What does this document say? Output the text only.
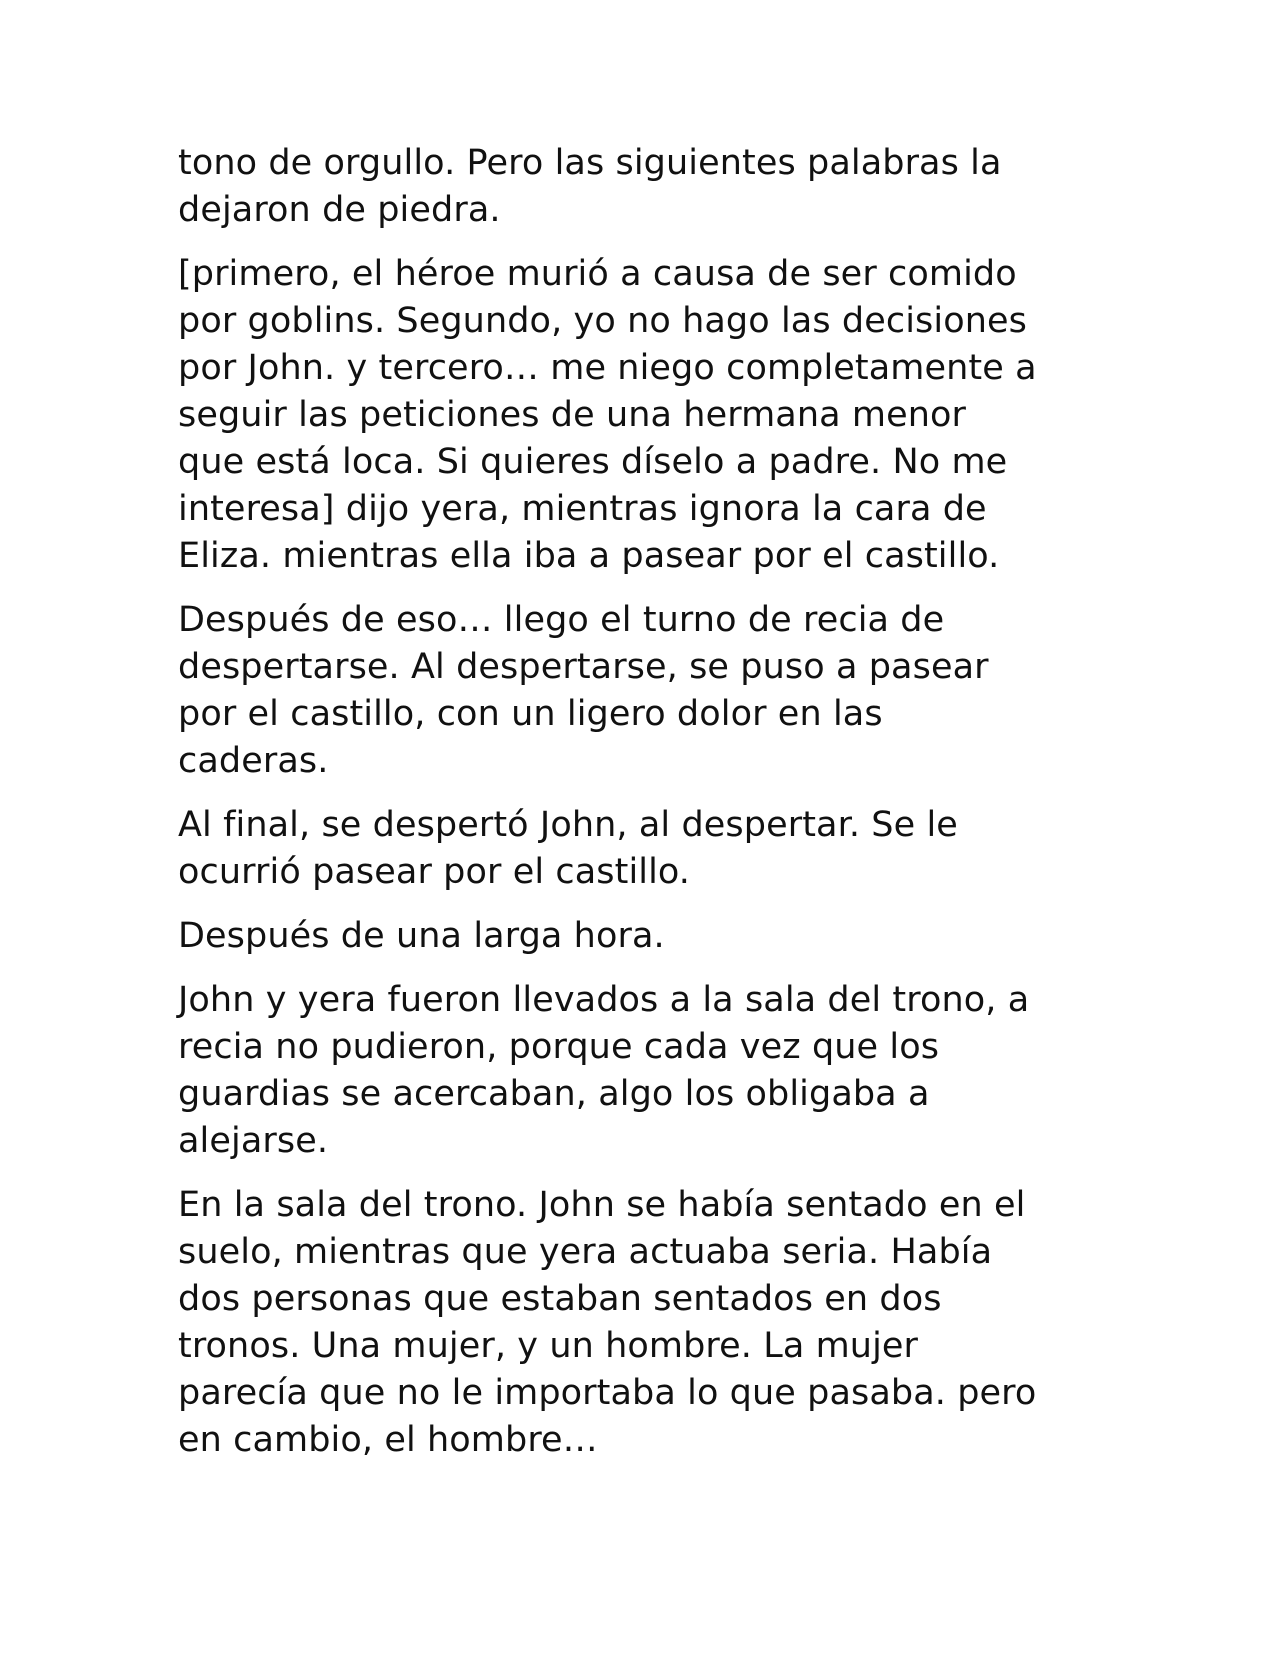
tono de orgullo. Pero las siguientes palabras la
dejaron de piedra.

[primero, el héroe murió a causa de ser comido
por goblins. Segundo, yo no hago las decisiones
por John. y tercero… me niego completamente a
seguir las peticiones de una hermana menor
que está loca. Si quieres díselo a padre. No me
interesa] dijo yera, mientras ignora la cara de
Eliza. mientras ella iba a pasear por el castillo.

Después de eso… llego el turno de recia de
despertarse. Al despertarse, se puso a pasear
por el castillo, con un ligero dolor en las
caderas.

Al final, se despertó John, al despertar. Se le
ocurrió pasear por el castillo.

Después de una larga hora.

John y yera fueron llevados a la sala del trono, a
recia no pudieron, porque cada vez que los
guardias se acercaban, algo los obligaba a
alejarse.

En la sala del trono. John se había sentado en el
suelo, mientras que yera actuaba seria. Había
dos personas que estaban sentados en dos
tronos. Una mujer, y un hombre. La mujer
parecía que no le importaba lo que pasaba. pero
en cambio, el hombre…
